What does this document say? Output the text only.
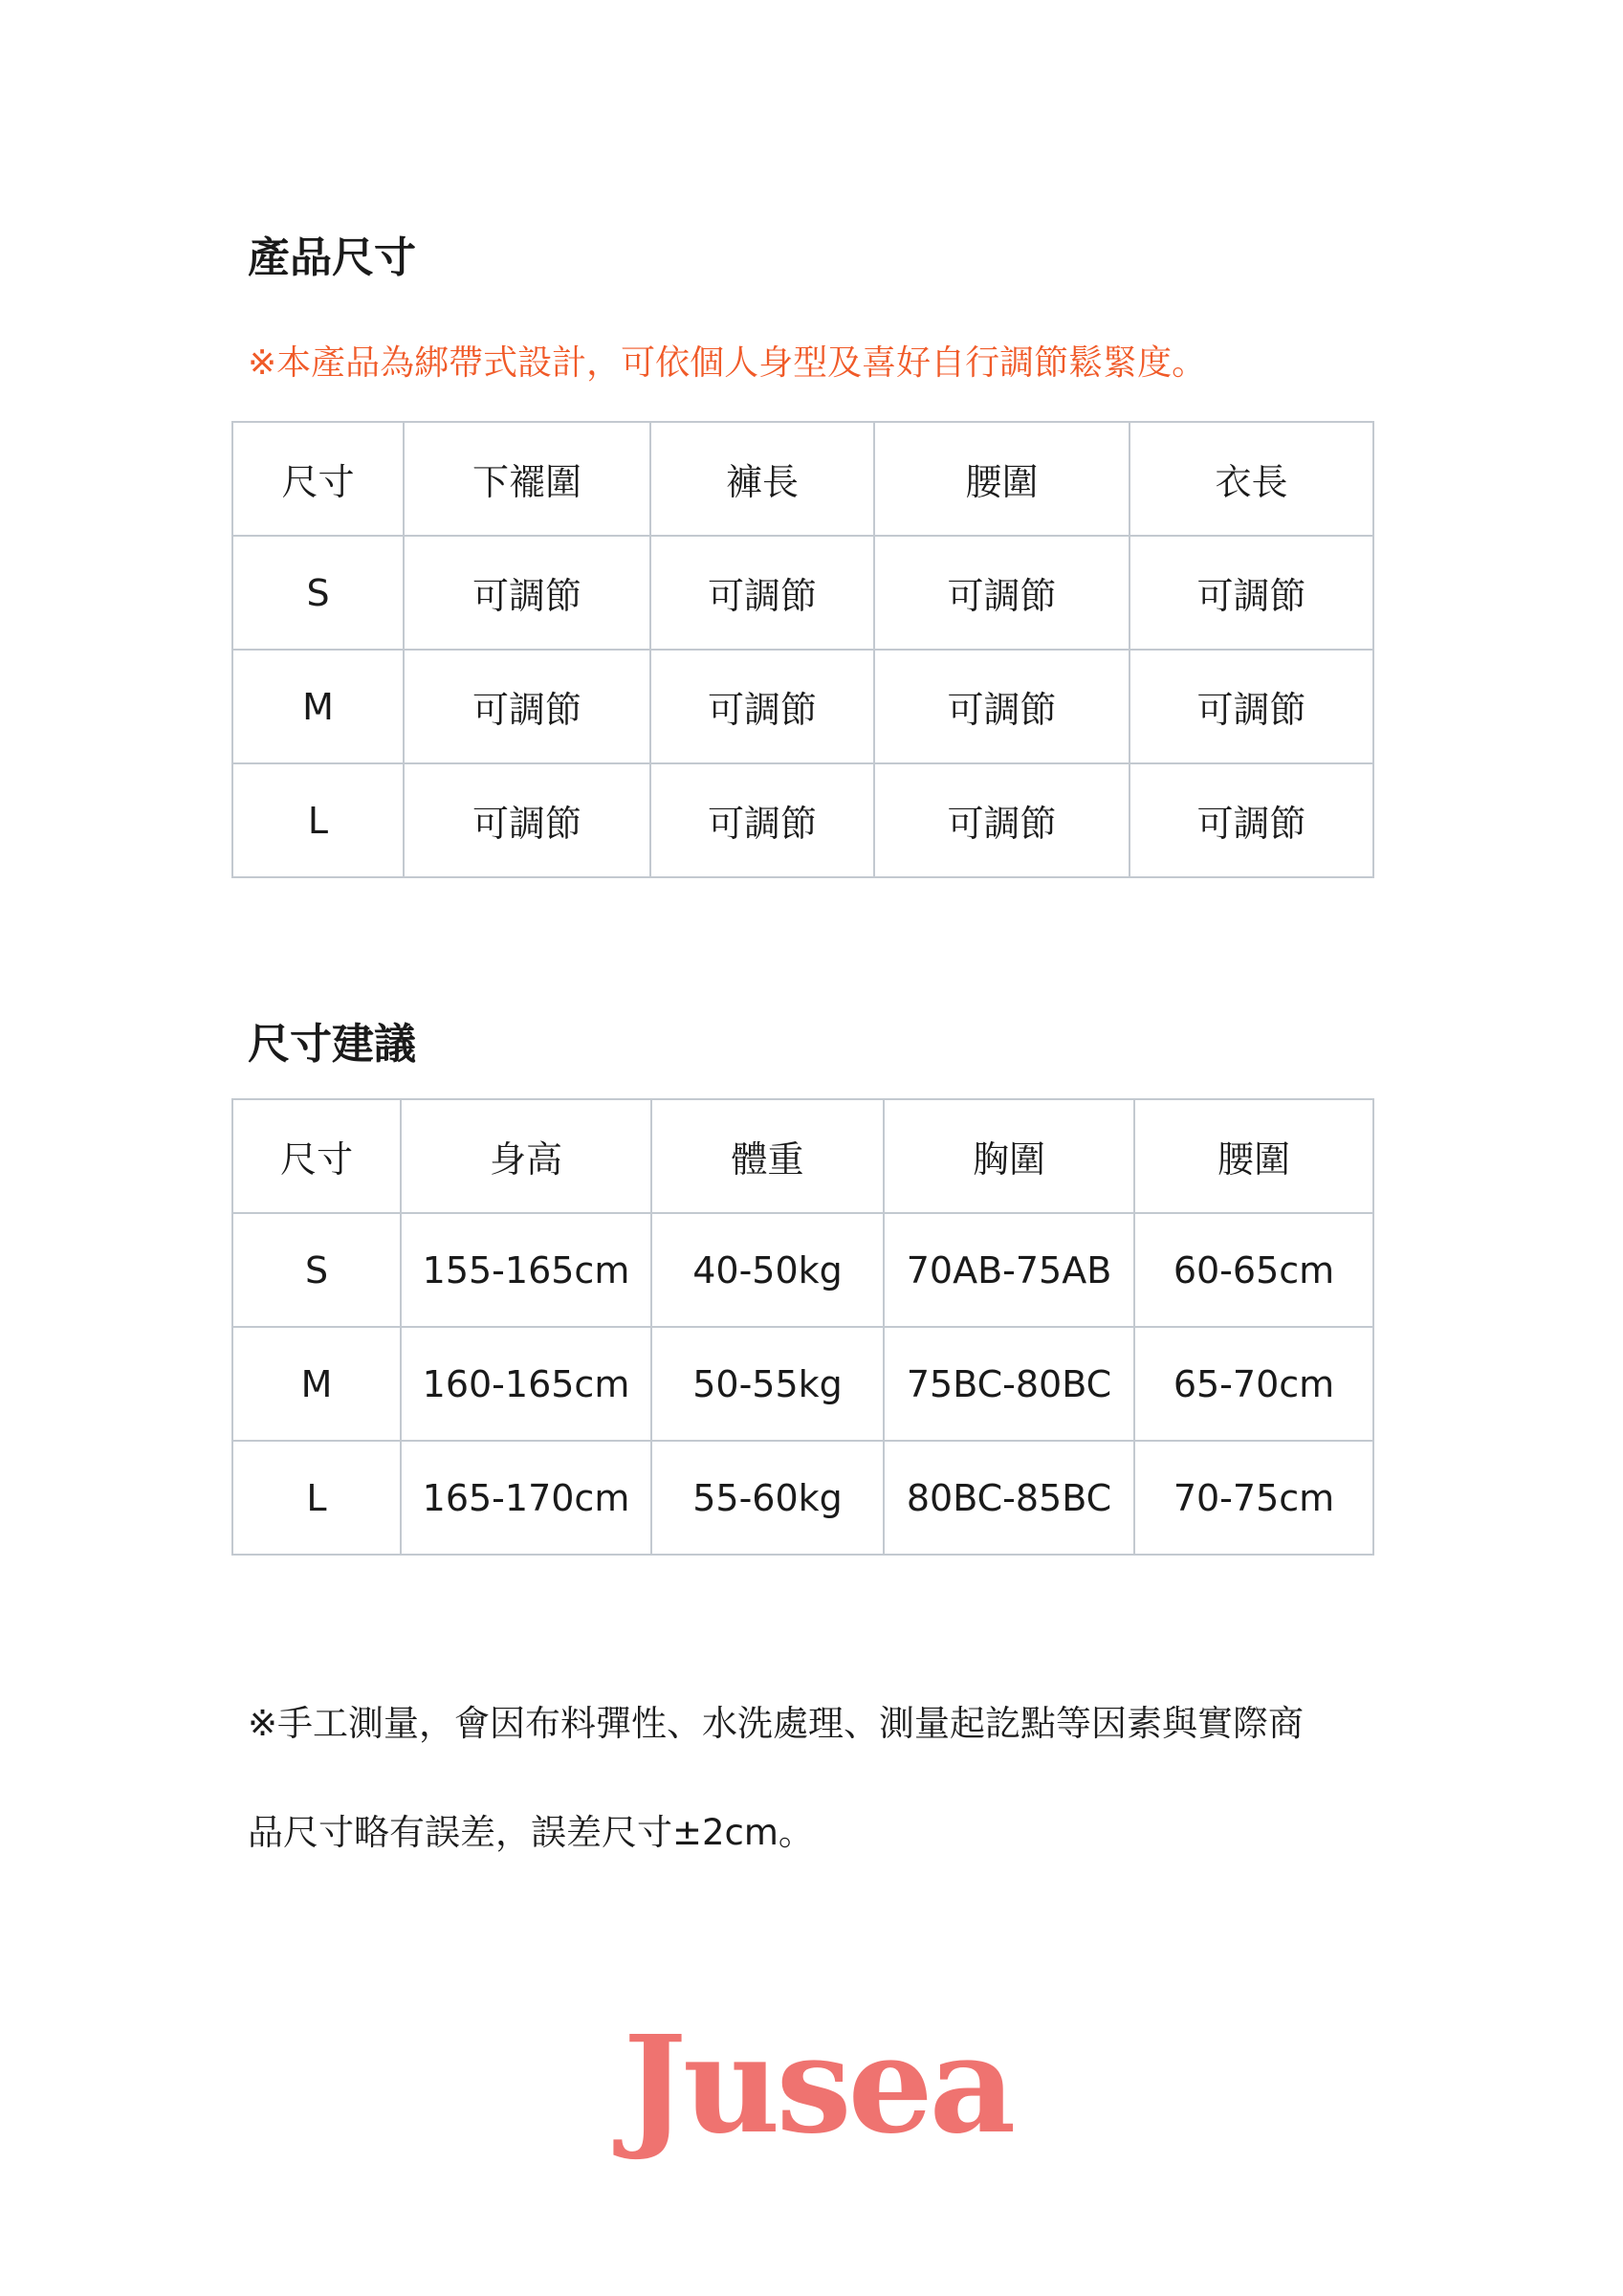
產品尺寸
※本產品為綁帶式設計，可依個人身型及喜好自行調節鬆緊度。
尺寸	下襬圍	褲長	腰圍	衣長
S	可調節	可調節	可調節	可調節
M	可調節	可調節	可調節	可調節
L	可調節	可調節	可調節	可調節
尺寸建議
尺寸	身高	體重	胸圍	腰圍
S	155-165cm	40-50kg	70AB-75AB	60-65cm
M	160-165cm	50-55kg	75BC-80BC	65-70cm
L	165-170cm	55-60kg	80BC-85BC	70-75cm
※手工測量，會因布料彈性、水洗處理、測量起訖點等因素與實際商
品尺寸略有誤差，誤差尺寸±2cm。
Jusea
